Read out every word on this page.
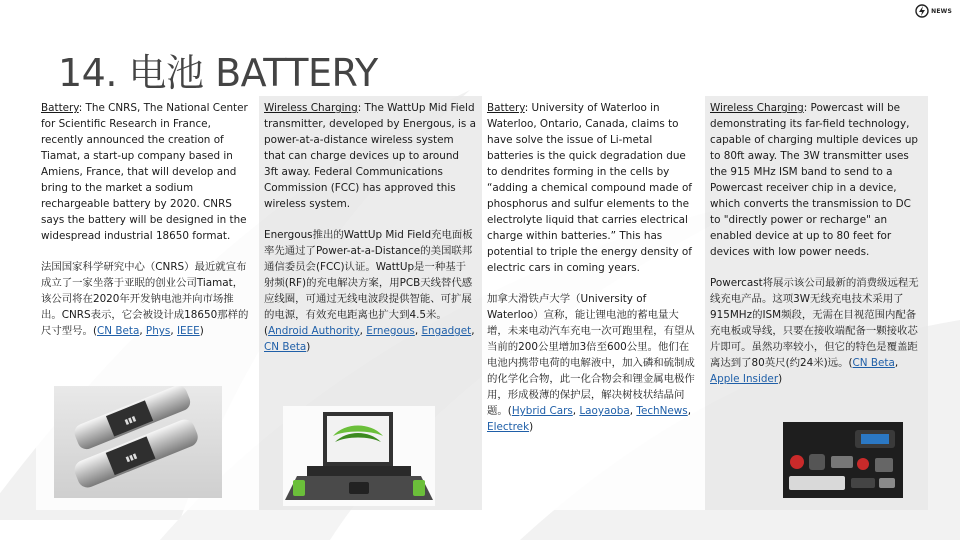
NEWS
14. 电池 BATTERY

Battery: The CNRS, The National Center for Scientific Research in France, recently announced the creation of Tiamat, a start-up company based in Amiens, France, that will develop and bring to the market a sodium rechargeable battery by 2020. CNRS says the battery will be designed in the widespread industrial 18650 format.

法国国家科学研究中心（CNRS）最近就宣布成立了一家坐落于亚眠的创业公司Tiamat，该公司将在2020年开发钠电池并向市场推出。CNRS表示，它会被设计成18650那样的尺寸型号。(CN Beta, Phys, IEEE)

▮▮▮
▮▮▮

Wireless Charging: The WattUp Mid Field transmitter, developed by Energous, is a power-at-a-distance wireless system that can charge devices up to around 3ft away. Federal Communications Commission (FCC) has approved this wireless system.

Energous推出的WattUp Mid Field充电面板率先通过了Power-at-a-Distance的美国联邦通信委员会(FCC)认证。WattUp是一种基于射频(RF)的充电解决方案，用PCB天线替代感应线圈，可通过无线电波段提供智能、可扩展的电源，有效充电距离也扩大到4.5米。(Android Authority, Ernegous, Engadget, CN Beta)

Battery: University of Waterloo in Waterloo, Ontario, Canada, claims to have solve the issue of Li-metal batteries is the quick degradation due to dendrites forming in the cells by “adding a chemical compound made of phosphorus and sulfur elements to the electrolyte liquid that carries electrical charge within batteries.” This has potential to triple the energy density of electric cars in coming years.

加拿大滑铁卢大学（University of Waterloo）宣称，能让锂电池的蓄电量大增，未来电动汽车充电一次可跑里程，有望从当前的200公里增加3倍至600公里。他们在电池内携带电荷的电解液中，加入磷和硫制成的化学化合物，此一化合物会和锂金属电极作用，形成极薄的保护层，解决树枝状结晶问题。(Hybrid Cars, Laoyaoba, TechNews, Electrek)

Wireless Charging: Powercast will be demonstrating its far-field technology, capable of charging multiple devices up to 80ft away. The 3W transmitter uses the 915 MHz ISM band to send to a Powercast receiver chip in a device, which converts the transmission to DC to "directly power or recharge" an enabled device at up to 80 feet for devices with low power needs.

Powercast将展示该公司最新的消费级远程无线充电产品。这项3W无线充电技术采用了915MHz的ISM频段，无需在目视范围内配备充电板或导线，只要在接收端配备一颗接收芯片即可。虽然功率较小，但它的特色是覆盖距离达到了80英尺(约24米)远。(CN Beta, Apple Insider)
